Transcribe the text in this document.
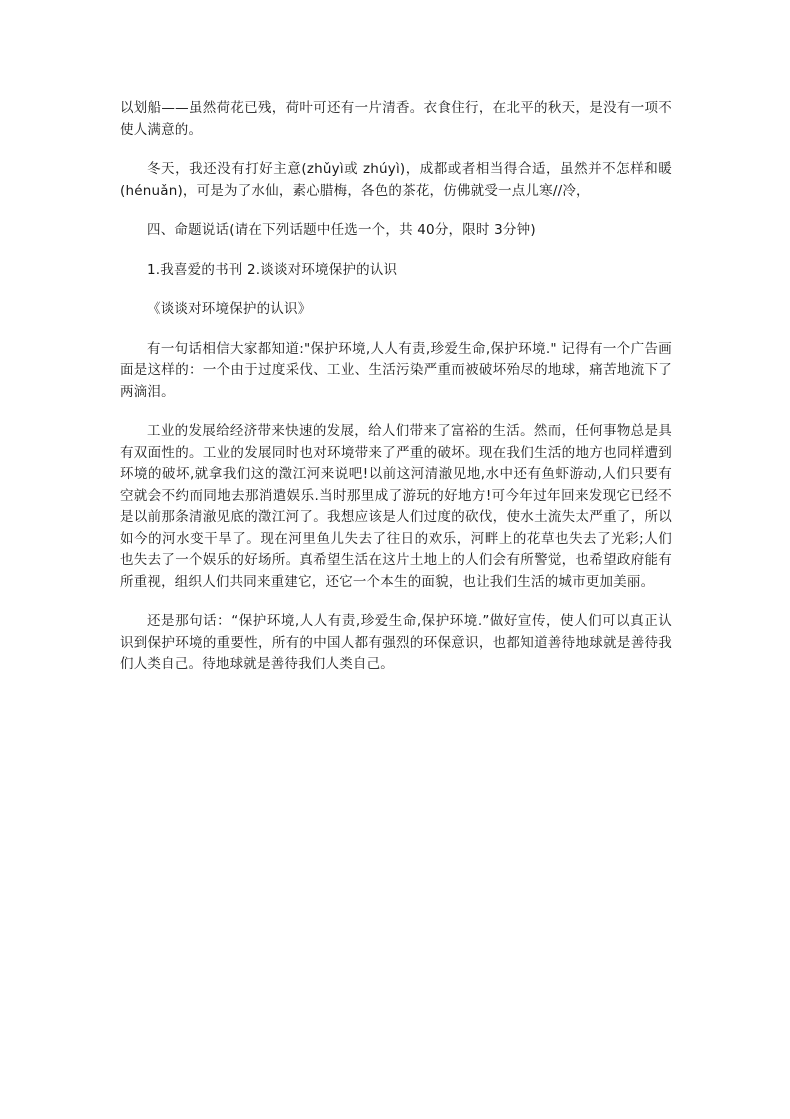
以划船——虽然荷花已残，荷叶可还有一片清香。衣食住行，在北平的秋天，是没有一项不使人满意的。

冬天，我还没有打好主意(zhǔyì或 zhúyì)，成都或者相当得合适，虽然并不怎样和暖(hénuǎn)，可是为了水仙，素心腊梅，各色的茶花，仿佛就受一点儿寒//冷，

四、命题说话(请在下列话题中任选一个，共 40分，限时 3分钟)

1.我喜爱的书刊 2.谈谈对环境保护的认识

《谈谈对环境保护的认识》

有一句话相信大家都知道:"保护环境,人人有责,珍爱生命,保护环境." 记得有一个广告画面是这样的：一个由于过度采伐、工业、生活污染严重而被破坏殆尽的地球，痛苦地流下了两滴泪。

工业的发展给经济带来快速的发展，给人们带来了富裕的生活。然而，任何事物总是具有双面性的。工业的发展同时也对环境带来了严重的破坏。现在我们生活的地方也同样遭到环境的破坏,就拿我们这的澂江河来说吧!以前这河清澈见地,水中还有鱼虾游动,人们只要有空就会不约而同地去那消遣娱乐.当时那里成了游玩的好地方!可今年过年回来发现它已经不是以前那条清澈见底的澂江河了。我想应该是人们过度的砍伐，使水土流失太严重了，所以如今的河水变干旱了。现在河里鱼儿失去了往日的欢乐，河畔上的花草也失去了光彩;人们也失去了一个娱乐的好场所。真希望生活在这片土地上的人们会有所警觉，也希望政府能有所重视，组织人们共同来重建它，还它一个本生的面貌，也让我们生活的城市更加美丽。

还是那句话：“保护环境,人人有责,珍爱生命,保护环境.”做好宣传，使人们可以真正认识到保护环境的重要性，所有的中国人都有强烈的环保意识，也都知道善待地球就是善待我们人类自己。待地球就是善待我们人类自己。
